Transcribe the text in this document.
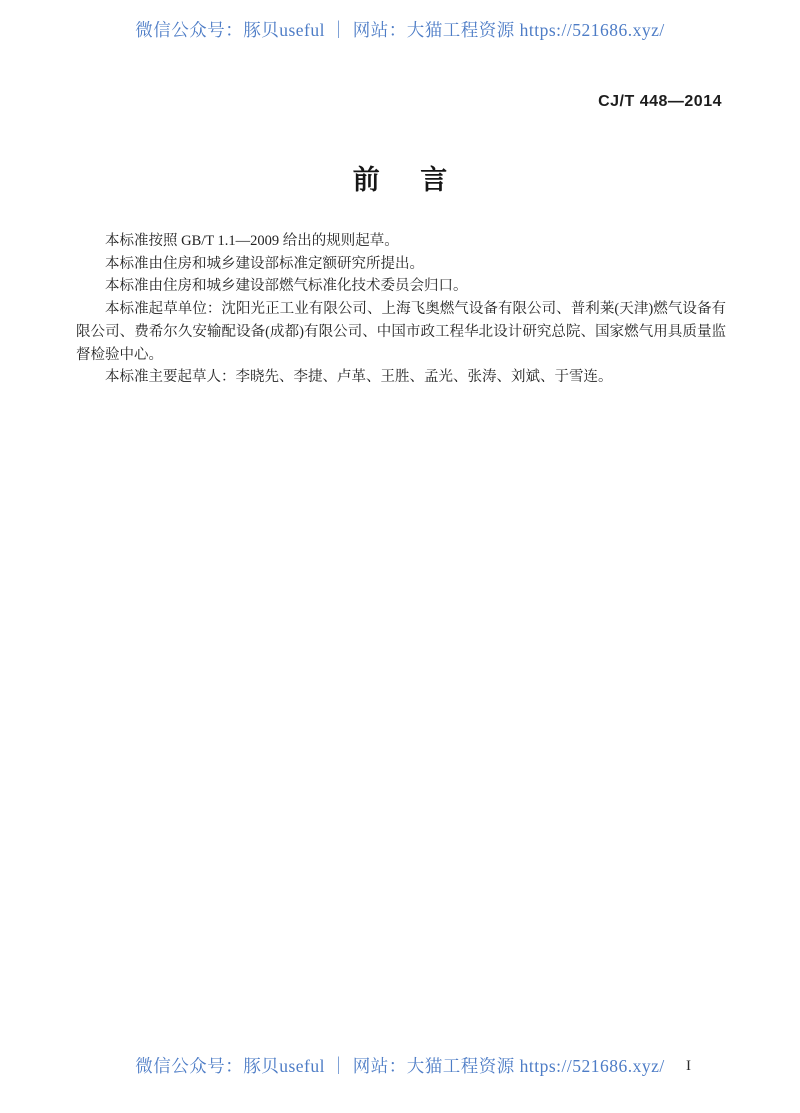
微信公众号：豚贝useful ｜ 网站：大猫工程资源 https://521686.xyz/
CJ/T 448—2014
前言

本标准按照 GB/T 1.1—2009 给出的规则起草。

本标准由住房和城乡建设部标准定额研究所提出。

本标准由住房和城乡建设部燃气标准化技术委员会归口。

本标准起草单位：沈阳光正工业有限公司、上海飞奥燃气设备有限公司、普利莱(天津)燃气设备有限公司、费希尔久安输配设备(成都)有限公司、中国市政工程华北设计研究总院、国家燃气用具质量监督检验中心。

本标准主要起草人：李晓先、李捷、卢革、王胜、孟光、张涛、刘斌、于雪连。

微信公众号：豚贝useful ｜ 网站：大猫工程资源 https://521686.xyz/	I
